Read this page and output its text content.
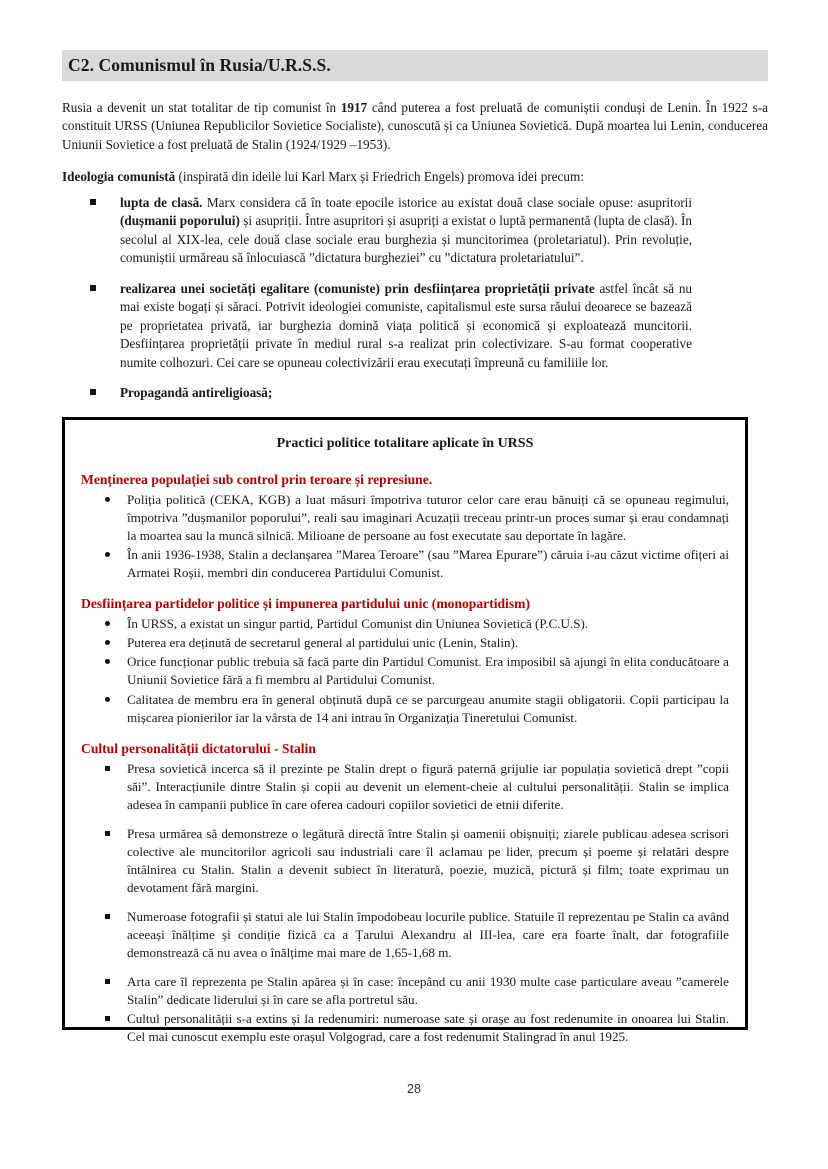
C2. Comunismul în Rusia/U.R.S.S.

Rusia a devenit un stat totalitar de tip comunist în 1917 când puterea a fost preluată de comuniștii conduși de Lenin. În 1922 s-a constituit URSS (Uniunea Republicilor Sovietice Socialiste), cunoscută și ca Uniunea Sovietică. După moartea lui Lenin, conducerea Uniunii Sovietice a fost preluată de Stalin (1924/1929 –1953).

Ideologia comunistă (inspirată din ideile lui Karl Marx și Friedrich Engels) promova idei precum:

lupta de clasă. Marx considera că în toate epocile istorice au existat două clase sociale opuse: asupritorii (dușmanii poporului) și asupriții. Între asupritori și asupriți a existat o luptă permanentă (lupta de clasă). În secolul al XIX-lea, cele două clase sociale erau burghezia și muncitorimea (proletariatul). Prin revoluție, comuniștii urmăreau să înlocuiască ”dictatura burgheziei” cu ”dictatura proletariatului”.
realizarea unei societăți egalitare (comuniste) prin desființarea proprietății private astfel încât să nu mai existe bogați și săraci. Potrivit ideologiei comuniste, capitalismul este sursa răului deoarece se bazează pe proprietatea privată, iar burghezia domină viața politică și economică și exploatează muncitorii. Desființarea proprietății private în mediul rural s-a realizat prin colectivizare. S-au format cooperative numite colhozuri. Cei care se opuneau colectivizării erau executați împreună cu familiile lor.
Propagandă antireligioasă;
Practici politice totalitare aplicate în URSS
Menținerea populației sub control prin teroare și represiune.
Poliția politică (CEKA, KGB) a luat măsuri împotriva tuturor celor care erau bănuiți că se opuneau regimului, împotriva ”dușmanilor poporului”, reali sau imaginari Acuzații treceau printr-un proces sumar și erau condamnați la moartea sau la muncă silnică. Milioane de persoane au fost executate sau deportate în lagăre.
În anii 1936-1938, Stalin a declanșarea ”Marea Teroare” (sau ”Marea Epurare”) căruia i-au căzut victime ofițeri ai Armatei Roșii, membri din conducerea Partidului Comunist.
Desființarea partidelor politice și impunerea partidului unic (monopartidism)
În URSS, a existat un singur partid, Partidul Comunist din Uniunea Sovietică (P.C.U.S).
Puterea era deținută de secretarul general al partidului unic (Lenin, Stalin).
Orice funcționar public trebuia să facă parte din Partidul Comunist. Era imposibil să ajungi în elita conducătoare a Uniunii Sovietice fără a fi membru al Partidului Comunist.
Calitatea de membru era în general obținută după ce se parcurgeau anumite stagii obligatorii. Copii participau la mișcarea pionierilor iar la vârsta de 14 ani intrau în Organizația Tineretului Comunist.
Cultul personalității dictatorului - Stalin
Presa sovietică incerca să il prezinte pe Stalin drept o figură paternă grijulie iar populația sovietică drept ”copii săi”. Interacțiunile dintre Stalin și copii au devenit un element-cheie al cultului personalității. Stalin se implica adesea în campanii publice în care oferea cadouri copiilor sovietici de etnii diferite.
Presa urmărea să demonstreze o legătură directă între Stalin și oamenii obișnuiți; ziarele publicau adesea scrisori colective ale muncitorilor agricoli sau industriali care îl aclamau pe lider, precum și poeme și relatări despre întâlnirea cu Stalin. Stalin a devenit subiect în literatură, poezie, muzică, pictură și film; toate exprimau un devotament fără margini.
Numeroase fotografii și statui ale lui Stalin împodobeau locurile publice. Statuile îl reprezentau pe Stalin ca având aceeași înălțime și condiție fizică ca a Țarului Alexandru al III-lea, care era foarte înalt, dar fotografiile demonstrează că nu avea o înălțime mai mare de 1,65-1,68 m.
Arta care îl reprezenta pe Stalin apărea și în case: începând cu anii 1930 multe case particulare aveau ”camerele Stalin” dedicate liderului și în care se afla portretul său.
Cultul personalității s-a extins și la redenumiri: numeroase sate și orașe au fost redenumite in onoarea lui Stalin. Cel mai cunoscut exemplu este orașul Volgograd, care a fost redenumit Stalingrad în anul 1925.
28
